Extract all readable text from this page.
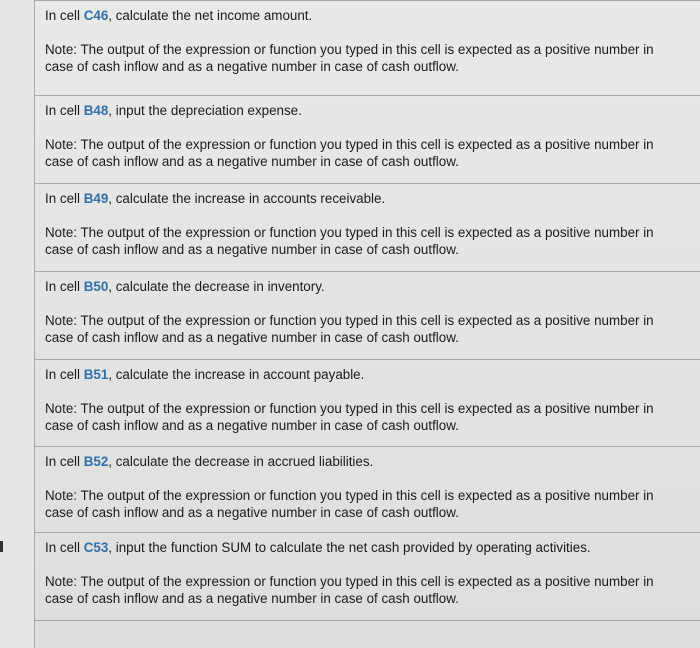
In cell C46, calculate the net income amount.
Note: The output of the expression or function you typed in this cell is expected as a positive number in case of cash inflow and as a negative number in case of cash outflow.
In cell B48, input the depreciation expense.
Note: The output of the expression or function you typed in this cell is expected as a positive number in case of cash inflow and as a negative number in case of cash outflow.
In cell B49, calculate the increase in accounts receivable.
Note: The output of the expression or function you typed in this cell is expected as a positive number in case of cash inflow and as a negative number in case of cash outflow.
In cell B50, calculate the decrease in inventory.
Note: The output of the expression or function you typed in this cell is expected as a positive number in case of cash inflow and as a negative number in case of cash outflow.
In cell B51, calculate the increase in account payable.
Note: The output of the expression or function you typed in this cell is expected as a positive number in case of cash inflow and as a negative number in case of cash outflow.
In cell B52, calculate the decrease in accrued liabilities.
Note: The output of the expression or function you typed in this cell is expected as a positive number in case of cash inflow and as a negative number in case of cash outflow.
In cell C53, input the function SUM to calculate the net cash provided by operating activities.
Note: The output of the expression or function you typed in this cell is expected as a positive number in case of cash inflow and as a negative number in case of cash outflow.
